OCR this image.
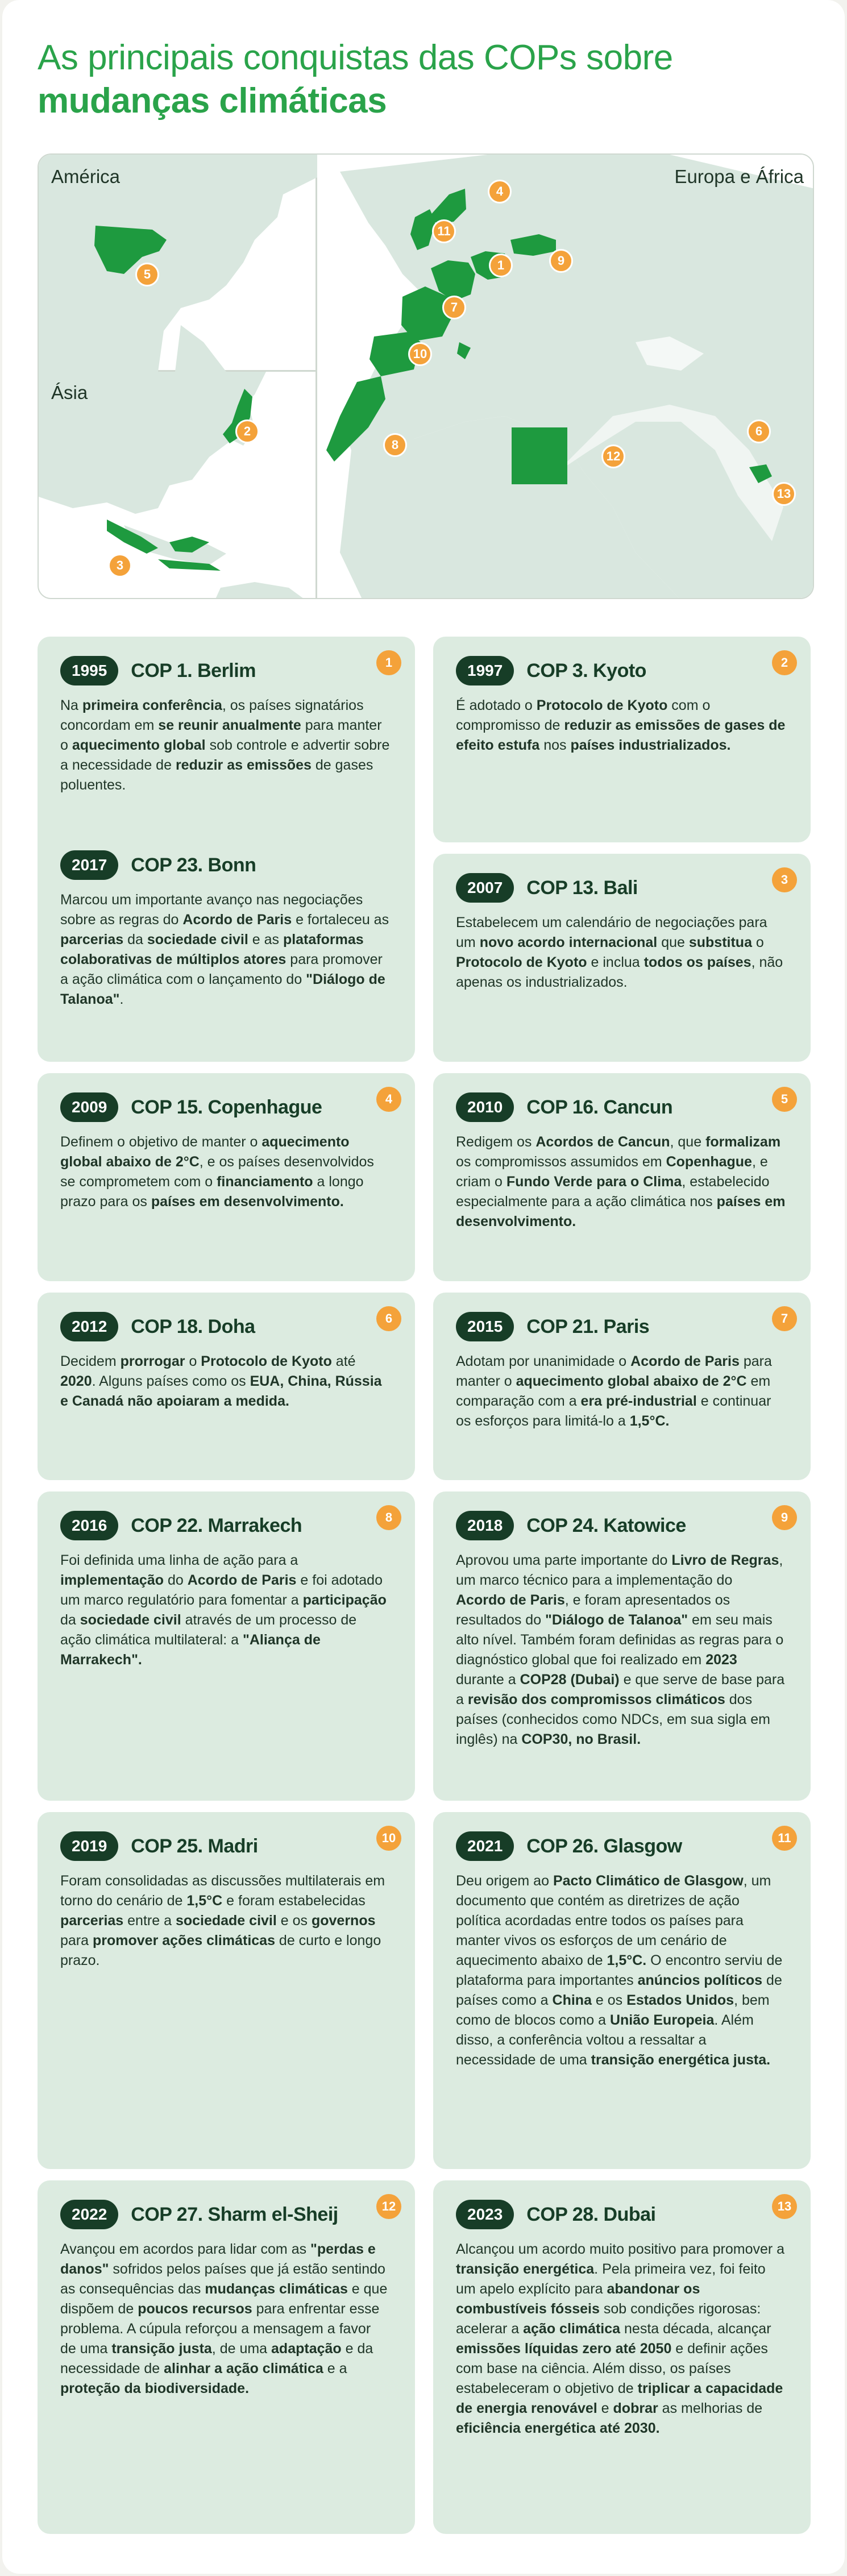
As principais conquistas das COPs sobre
mudanças climáticas
América
Ásia
Europa e África
5
2
3
4
11
1	9
7
10
8
12
6
13
1
1995	COP 1. Berlim

Na primeira conferência, os países signatários concordam em se reunir anualmente para manter o aquecimento global sob controle e advertir sobre a necessidade de reduzir as emissões de gases poluentes.

2017	COP 23. Bonn

Marcou um importante avanço nas negociações sobre as regras do Acordo de Paris e fortaleceu as parcerias da sociedade civil e as plataformas colaborativas de múltiplos atores para promover a ação climática com o lançamento do "Diálogo de Talanoa".

2
1997	COP 3. Kyoto

É adotado o Protocolo de Kyoto com o compromisso de reduzir as emissões de gases de efeito estufa nos países industrializados.

3
2007	COP 13. Bali

Estabelecem um calendário de negociações para um novo acordo internacional que substitua o Protocolo de Kyoto e inclua todos os países, não apenas os industrializados.

4
2009	COP 15. Copenhague

Definem o objetivo de manter o aquecimento global abaixo de 2°C, e os países desenvolvidos se comprometem com o financiamento a longo prazo para os países em desenvolvimento.

5
2010	COP 16. Cancun

Redigem os Acordos de Cancun, que formalizam os compromissos assumidos em Copenhague, e criam o Fundo Verde para o Clima, estabelecido especialmente para a ação climática nos países em desenvolvimento.

6
2012	COP 18. Doha

Decidem prorrogar o Protocolo de Kyoto até 2020. Alguns países como os EUA, China, Rússia e Canadá não apoiaram a medida.

7
2015	COP 21. Paris

Adotam por unanimidade o Acordo de Paris para manter o aquecimento global abaixo de 2°C em comparação com a era pré-industrial e continuar os esforços para limitá-lo a 1,5°C.

8
2016	COP 22. Marrakech

Foi definida uma linha de ação para a implementação do Acordo de Paris e foi adotado um marco regulatório para fomentar a participação da sociedade civil através de um processo de ação climática multilateral: a "Aliança de Marrakech".

9
2018	COP 24. Katowice

Aprovou uma parte importante do Livro de Regras, um marco técnico para a implementação do Acordo de Paris, e foram apresentados os resultados do "Diálogo de Talanoa" em seu mais alto nível. Também foram definidas as regras para o diagnóstico global que foi realizado em 2023 durante a COP28 (Dubai) e que serve de base para a revisão dos compromissos climáticos dos países (conhecidos como NDCs, em sua sigla em inglês) na COP30, no Brasil.

10
2019	COP 25. Madri

Foram consolidadas as discussões multilaterais em torno do cenário de 1,5°C e foram estabelecidas parcerias entre a sociedade civil e os governos para promover ações climáticas de curto e longo prazo.

11
2021	COP 26. Glasgow

Deu origem ao Pacto Climático de Glasgow, um documento que contém as diretrizes de ação política acordadas entre todos os países para manter vivos os esforços de um cenário de aquecimento abaixo de 1,5°C. O encontro serviu de plataforma para importantes anúncios políticos de países como a China e os Estados Unidos, bem como de blocos como a União Europeia. Além disso, a conferência voltou a ressaltar a necessidade de uma transição energética justa.

12
2022	COP 27. Sharm el-Sheij

Avançou em acordos para lidar com as "perdas e danos" sofridos pelos países que já estão sentindo as consequências das mudanças climáticas e que dispõem de poucos recursos para enfrentar esse problema. A cúpula reforçou a mensagem a favor de uma transição justa, de uma adaptação e da necessidade de alinhar a ação climática e a proteção da biodiversidade.

13
2023	COP 28. Dubai

Alcançou um acordo muito positivo para promover a transição energética. Pela primeira vez, foi feito um apelo explícito para abandonar os combustíveis fósseis sob condições rigorosas: acelerar a ação climática nesta década, alcançar emissões líquidas zero até 2050 e definir ações com base na ciência. Além disso, os países estabeleceram o objetivo de triplicar a capacidade de energia renovável e dobrar as melhorias de eficiência energética até 2030.
